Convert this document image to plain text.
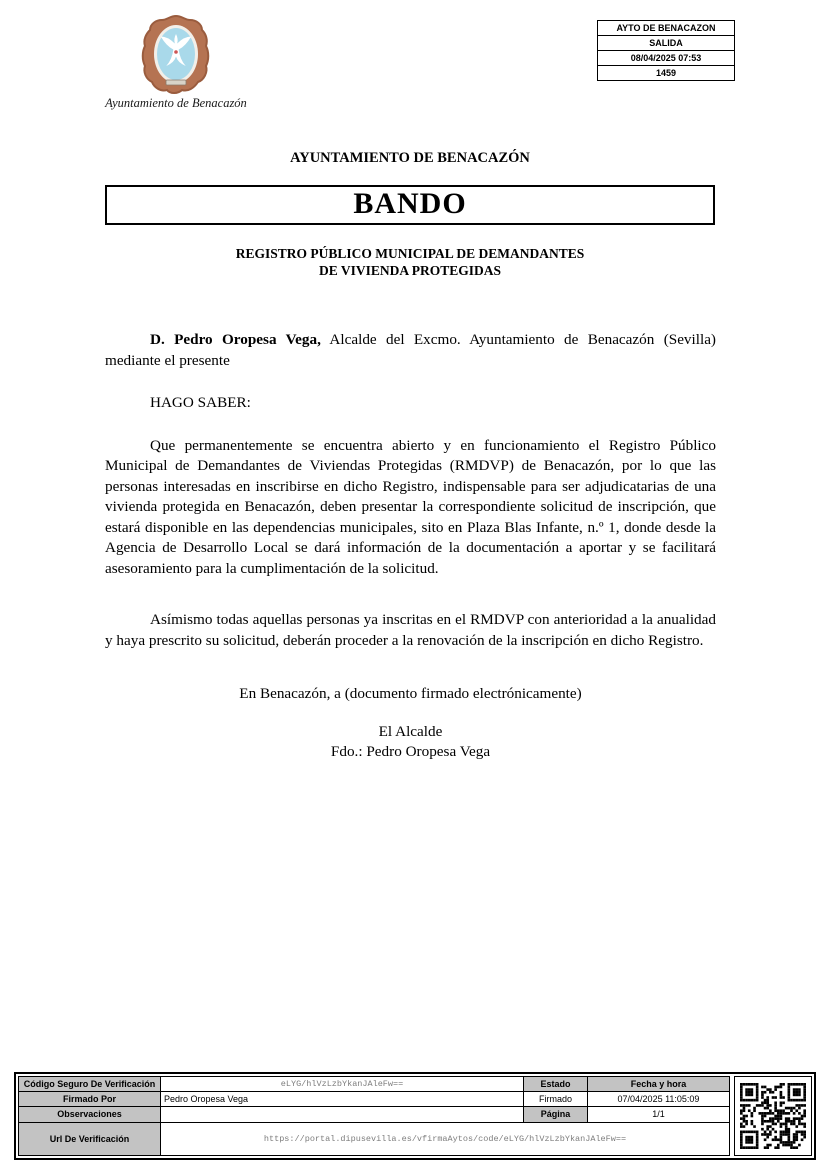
Ayuntamiento de Benacazón
AYTO DE BENACAZON
SALIDA
08/04/2025 07:53
1459
AYUNTAMIENTO DE BENACAZÓN
BANDO
REGISTRO PÚBLICO MUNICIPAL DE DEMANDANTES
DE VIVIENDA PROTEGIDAS

D. Pedro Oropesa Vega, Alcalde del Excmo. Ayuntamiento de Benacazón (Sevilla) mediante el presente

HAGO SABER:

Que permanentemente se encuentra abierto y en funcionamiento el Registro Público Municipal de Demandantes de Viviendas Protegidas (RMDVP) de Benacazón, por lo que las personas interesadas en inscribirse en dicho Registro, indispensable para ser adjudicatarias de una vivienda protegida en Benacazón, deben presentar la correspondiente solicitud de inscripción, que estará disponible en las dependencias municipales, sito en Plaza Blas Infante, n.º 1, donde desde la Agencia de Desarrollo Local se dará información de la documentación a aportar y se facilitará asesoramiento para la cumplimentación de la solicitud.

Asímismo todas aquellas personas ya inscritas en el RMDVP con anterioridad a la anualidad y haya prescrito su solicitud, deberán proceder a la renovación de la inscripción en dicho Registro.

En Benacazón, a (documento firmado electrónicamente)

El Alcalde
Fdo.: Pedro Oropesa Vega

Código Seguro De Verificación	eLYG/hlVzLzbYkanJAleFw==	Estado	Fecha y hora
Firmado Por	Pedro Oropesa Vega	Firmado	07/04/2025 11:05:09
Observaciones		Página	1/1
Url De Verificación	https://portal.dipusevilla.es/vfirmaAytos/code/eLYG/hlVzLzbYkanJAleFw==		
